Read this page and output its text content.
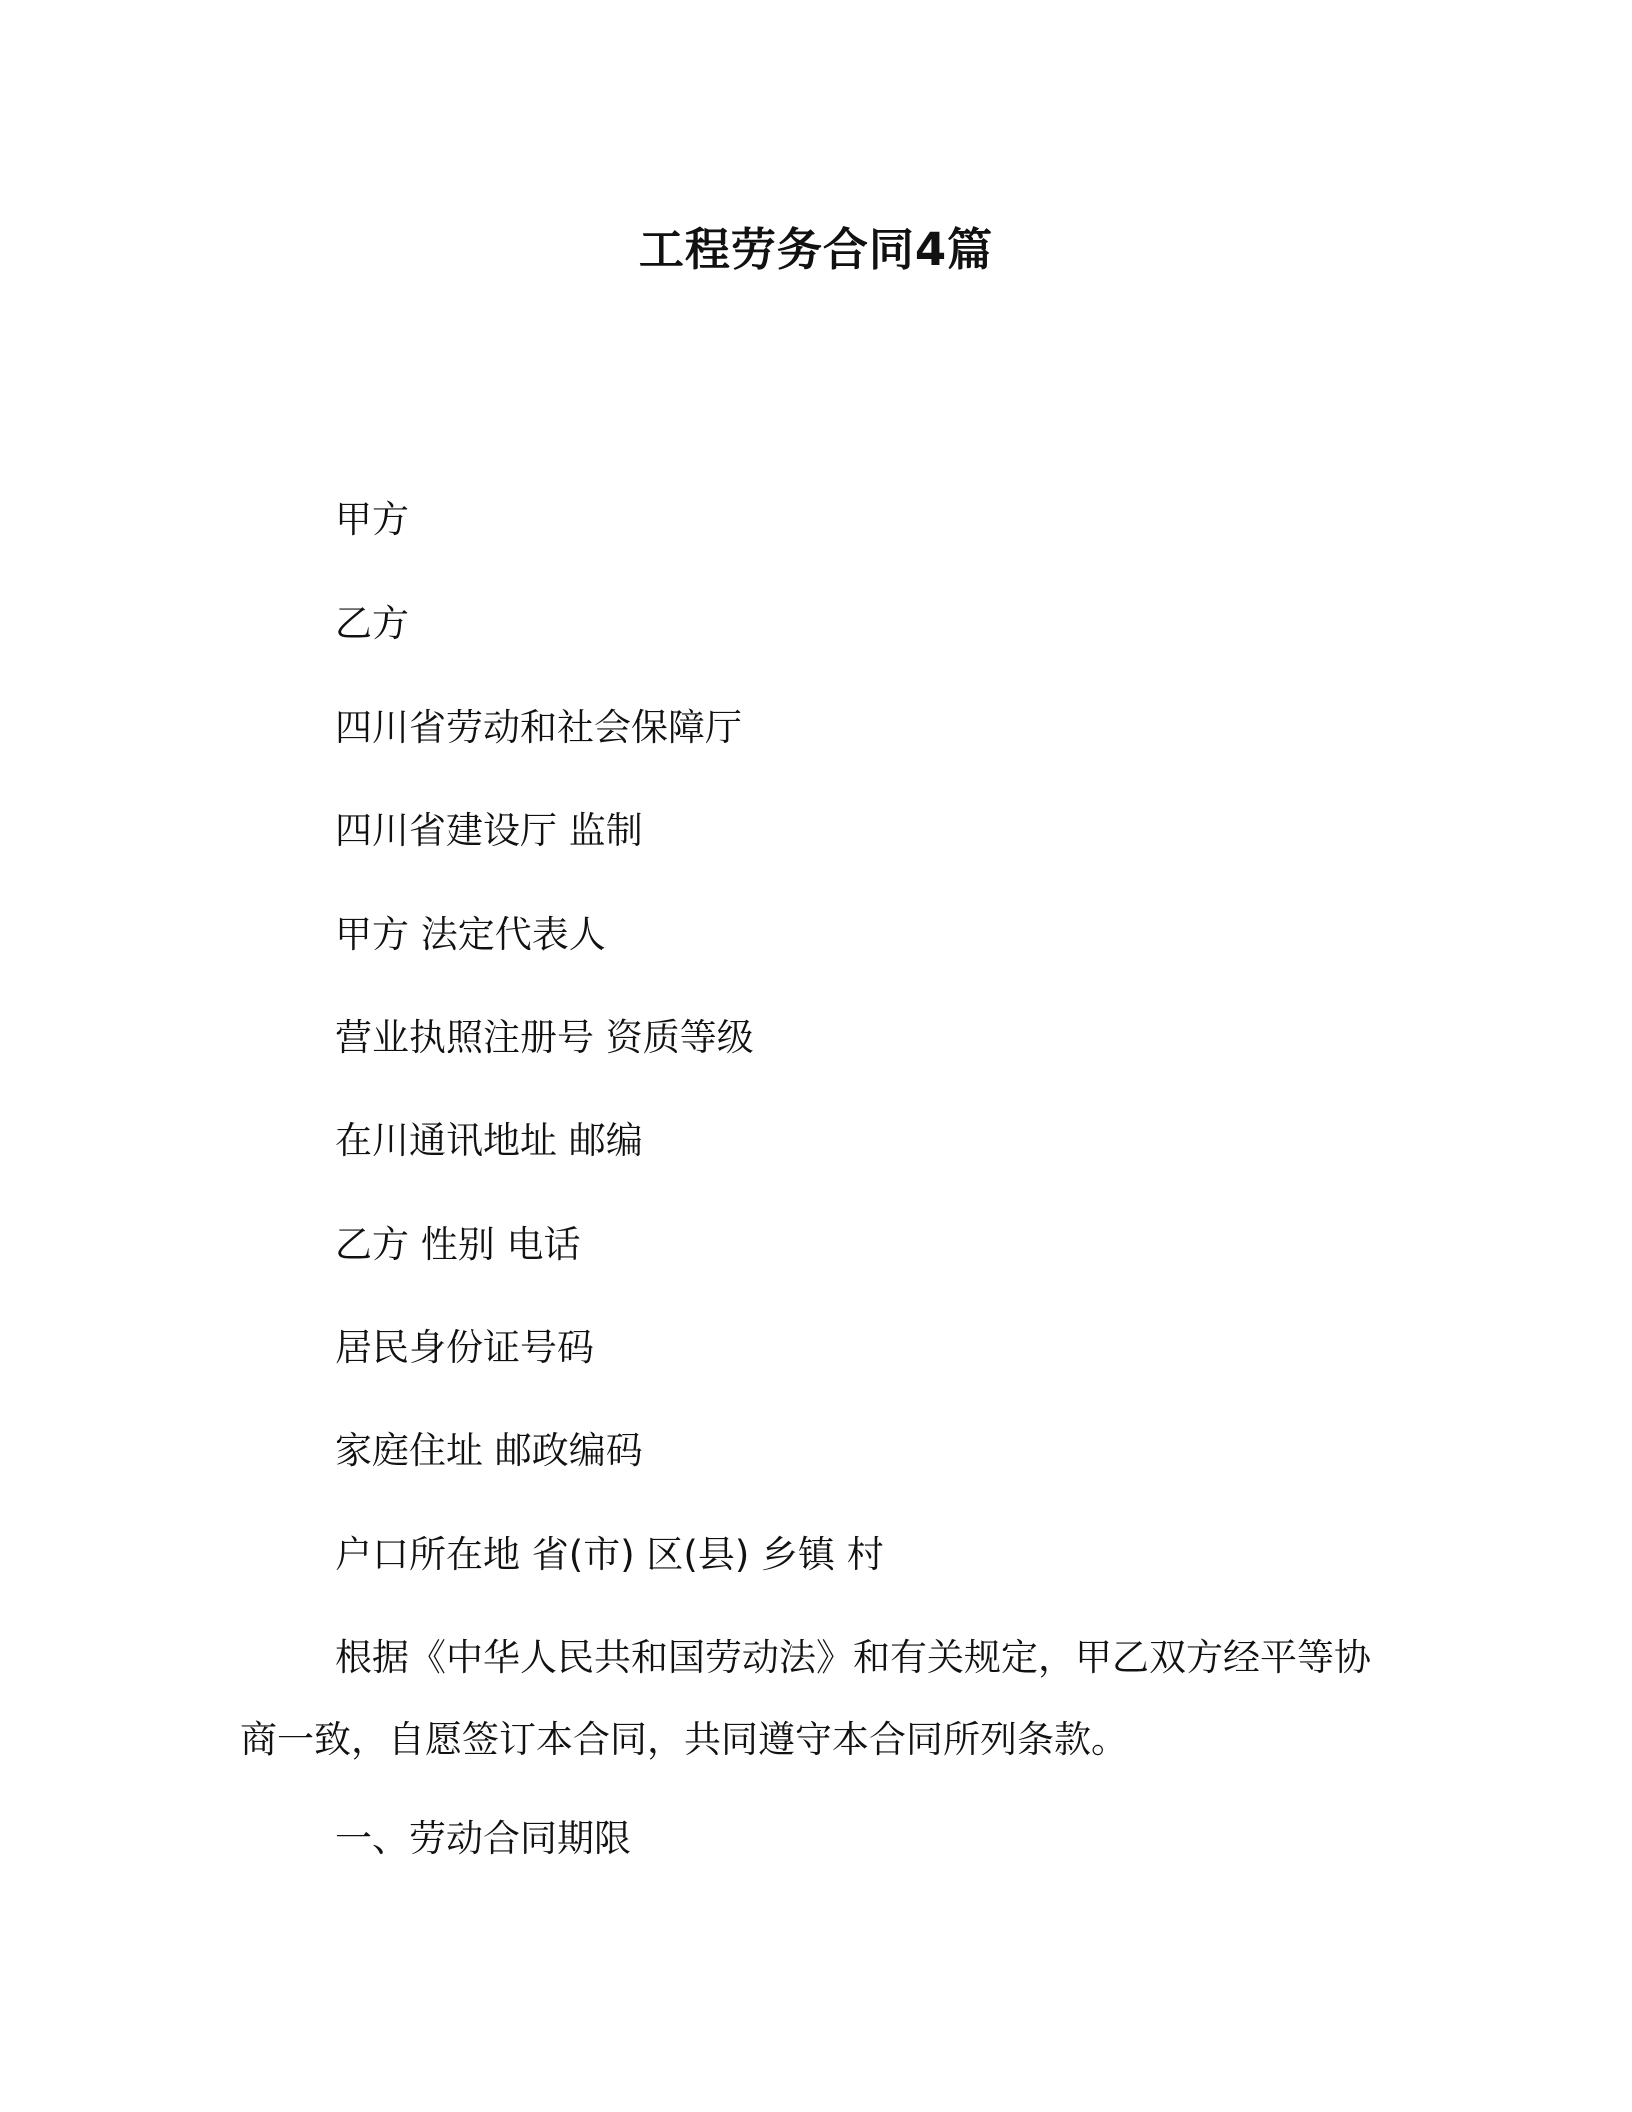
工程劳务合同4篇
甲方
乙方
四川省劳动和社会保障厅
四川省建设厅 监制
甲方 法定代表人
营业执照注册号 资质等级
在川通讯地址 邮编
乙方 性别 电话
居民身份证号码
家庭住址 邮政编码
户口所在地 省(市) 区(县) 乡镇 村
根据《中华人民共和国劳动法》和有关规定，甲乙双方经平等协商一致，自愿签订本合同，共同遵守本合同所列条款。
一、劳动合同期限
